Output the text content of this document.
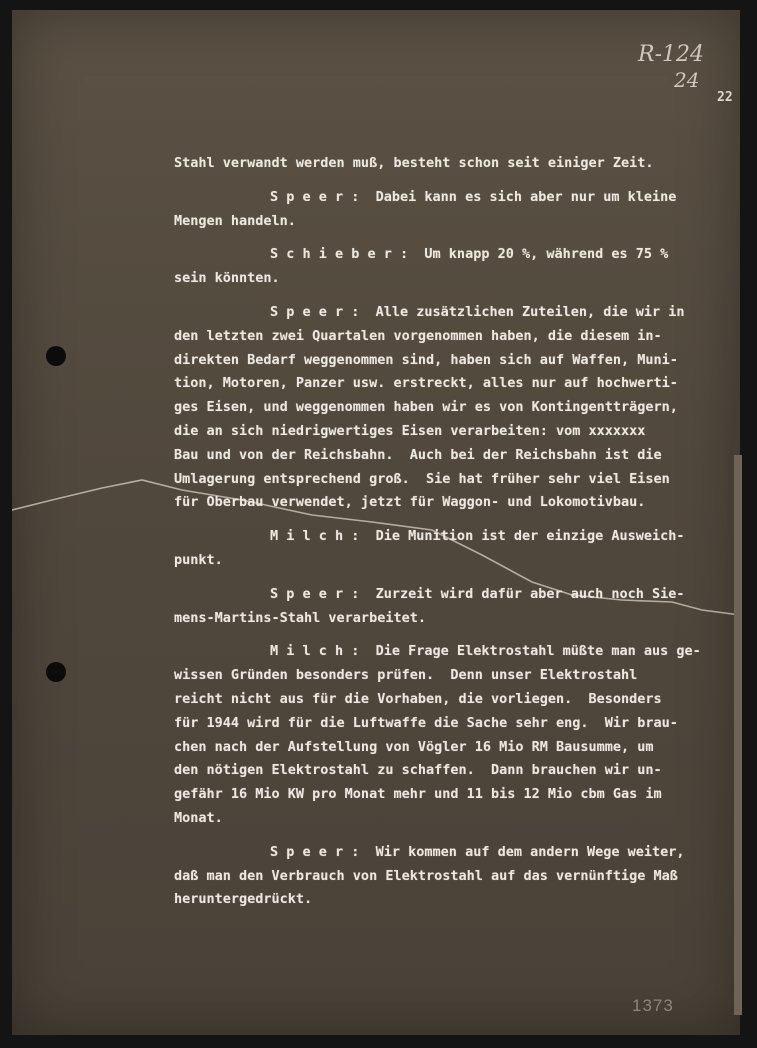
R-124
24
22
Stahl verwandt werden muß, besteht schon seit einiger Zeit.
S p e e r :  Dabei kann es sich aber nur um kleine
Mengen handeln.
S c h i e b e r :  Um knapp 20 %, während es 75 %
sein könnten.
S p e e r :  Alle zusätzlichen Zuteilen, die wir in
den letzten zwei Quartalen vorgenommen haben, die diesem in-
direkten Bedarf weggenommen sind, haben sich auf Waffen, Muni-
tion, Motoren, Panzer usw. erstreckt, alles nur auf hochwerti-
ges Eisen, und weggenommen haben wir es von Kontingentträgern,
die an sich niedrigwertiges Eisen verarbeiten: vom xxxxxxx
Bau und von der Reichsbahn.  Auch bei der Reichsbahn ist die
Umlagerung entsprechend groß.  Sie hat früher sehr viel Eisen
für Oberbau verwendet, jetzt für Waggon- und Lokomotivbau.
M i l c h :  Die Munition ist der einzige Ausweich-
punkt.
S p e e r :  Zurzeit wird dafür aber auch noch Sie-
mens-Martins-Stahl verarbeitet.
M i l c h :  Die Frage Elektrostahl müßte man aus ge-
wissen Gründen besonders prüfen.  Denn unser Elektrostahl
reicht nicht aus für die Vorhaben, die vorliegen.  Besonders
für 1944 wird für die Luftwaffe die Sache sehr eng.  Wir brau-
chen nach der Aufstellung von Vögler 16 Mio RM Bausumme, um
den nötigen Elektrostahl zu schaffen.  Dann brauchen wir un-
gefähr 16 Mio KW pro Monat mehr und 11 bis 12 Mio cbm Gas im
Monat.
S p e e r :  Wir kommen auf dem andern Wege weiter,
daß man den Verbrauch von Elektrostahl auf das vernünftige Maß
heruntergedrückt.
1373
